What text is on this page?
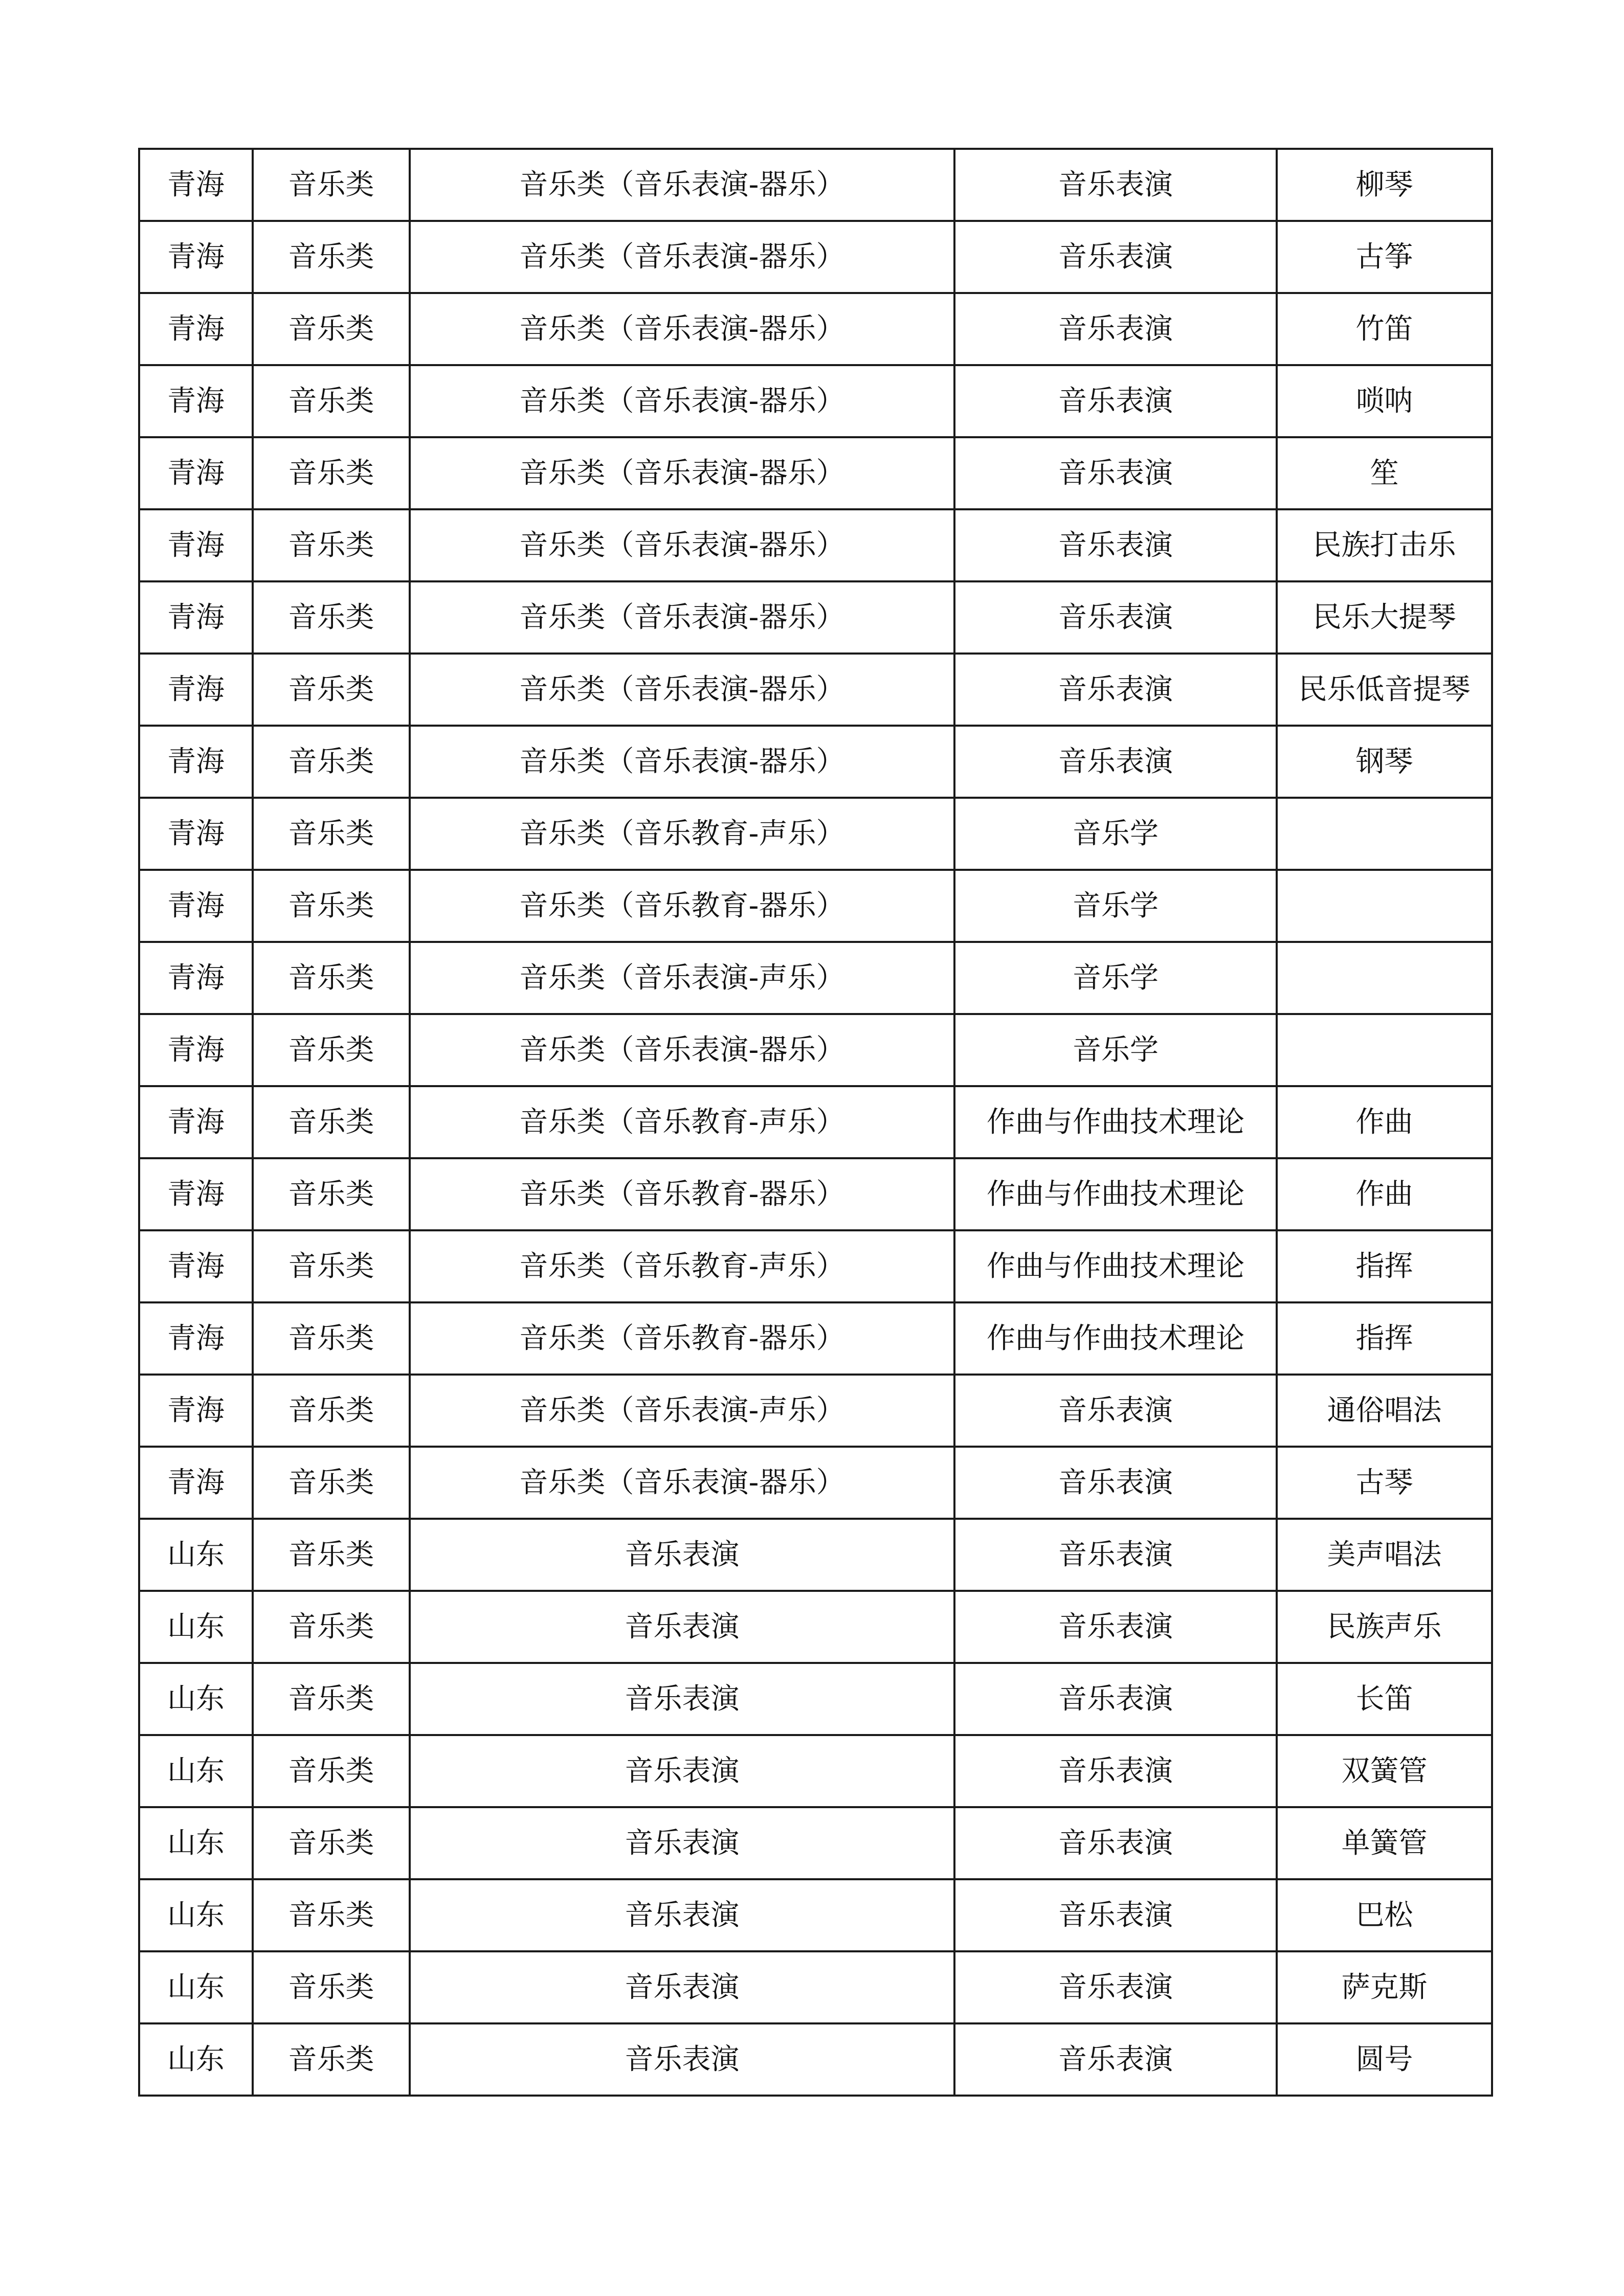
青海	音乐类	音乐类（音乐表演-器乐）	音乐表演	柳琴
青海	音乐类	音乐类（音乐表演-器乐）	音乐表演	古筝
青海	音乐类	音乐类（音乐表演-器乐）	音乐表演	竹笛
青海	音乐类	音乐类（音乐表演-器乐）	音乐表演	唢呐
青海	音乐类	音乐类（音乐表演-器乐）	音乐表演	笙
青海	音乐类	音乐类（音乐表演-器乐）	音乐表演	民族打击乐
青海	音乐类	音乐类（音乐表演-器乐）	音乐表演	民乐大提琴
青海	音乐类	音乐类（音乐表演-器乐）	音乐表演	民乐低音提琴
青海	音乐类	音乐类（音乐表演-器乐）	音乐表演	钢琴
青海	音乐类	音乐类（音乐教育-声乐）	音乐学	
青海	音乐类	音乐类（音乐教育-器乐）	音乐学	
青海	音乐类	音乐类（音乐表演-声乐）	音乐学	
青海	音乐类	音乐类（音乐表演-器乐）	音乐学	
青海	音乐类	音乐类（音乐教育-声乐）	作曲与作曲技术理论	作曲
青海	音乐类	音乐类（音乐教育-器乐）	作曲与作曲技术理论	作曲
青海	音乐类	音乐类（音乐教育-声乐）	作曲与作曲技术理论	指挥
青海	音乐类	音乐类（音乐教育-器乐）	作曲与作曲技术理论	指挥
青海	音乐类	音乐类（音乐表演-声乐）	音乐表演	通俗唱法
青海	音乐类	音乐类（音乐表演-器乐）	音乐表演	古琴
山东	音乐类	音乐表演	音乐表演	美声唱法
山东	音乐类	音乐表演	音乐表演	民族声乐
山东	音乐类	音乐表演	音乐表演	长笛
山东	音乐类	音乐表演	音乐表演	双簧管
山东	音乐类	音乐表演	音乐表演	单簧管
山东	音乐类	音乐表演	音乐表演	巴松
山东	音乐类	音乐表演	音乐表演	萨克斯
山东	音乐类	音乐表演	音乐表演	圆号
